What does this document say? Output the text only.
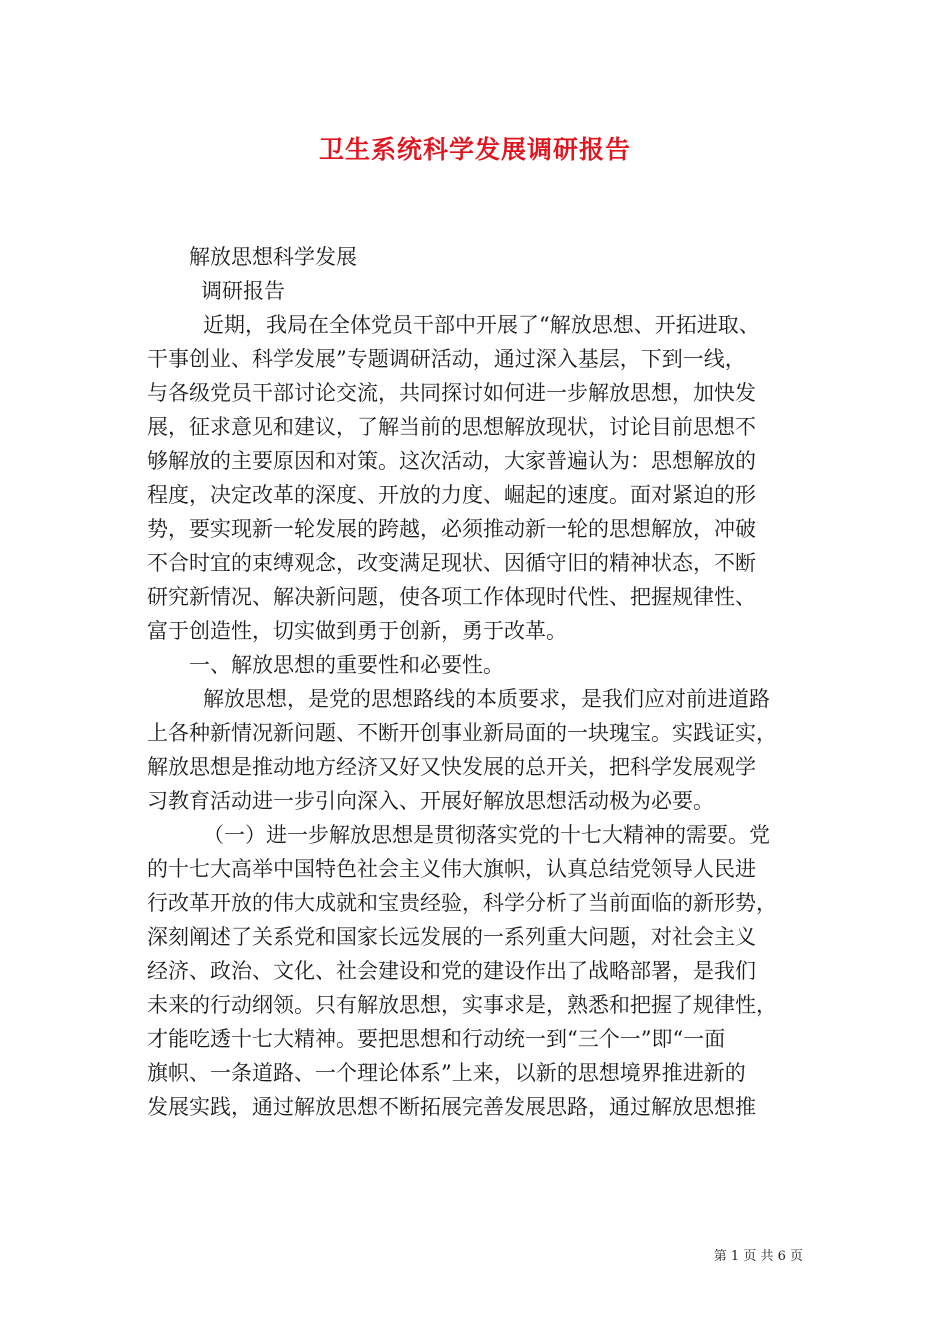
卫生系统科学发展调研报告
解放思想科学发展
调研报告
近期，我局在全体党员干部中开展了“解放思想、开拓进取、
干事创业、科学发展”专题调研活动，通过深入基层，下到一线，
与各级党员干部讨论交流，共同探讨如何进一步解放思想，加快发
展，征求意见和建议，了解当前的思想解放现状，讨论目前思想不
够解放的主要原因和对策。这次活动，大家普遍认为：思想解放的
程度，决定改革的深度、开放的力度、崛起的速度。面对紧迫的形
势，要实现新一轮发展的跨越，必须推动新一轮的思想解放，冲破
不合时宜的束缚观念，改变满足现状、因循守旧的精神状态，不断
研究新情况、解决新问题，使各项工作体现时代性、把握规律性、
富于创造性，切实做到勇于创新，勇于改革。
一、解放思想的重要性和必要性。
解放思想，是党的思想路线的本质要求，是我们应对前进道路
上各种新情况新问题、不断开创事业新局面的一块瑰宝。实践证实，
解放思想是推动地方经济又好又快发展的总开关，把科学发展观学
习教育活动进一步引向深入、开展好解放思想活动极为必要。
（一）进一步解放思想是贯彻落实党的十七大精神的需要。党
的十七大高举中国特色社会主义伟大旗帜，认真总结党领导人民进
行改革开放的伟大成就和宝贵经验，科学分析了当前面临的新形势，
深刻阐述了关系党和国家长远发展的一系列重大问题，对社会主义
经济、政治、文化、社会建设和党的建设作出了战略部署，是我们
未来的行动纲领。只有解放思想，实事求是，熟悉和把握了规律性，
才能吃透十七大精神。要把思想和行动统一到“三个一”即“一面
旗帜、一条道路、一个理论体系”上来，以新的思想境界推进新的
发展实践，通过解放思想不断拓展完善发展思路，通过解放思想推
第 1 页 共 6 页
